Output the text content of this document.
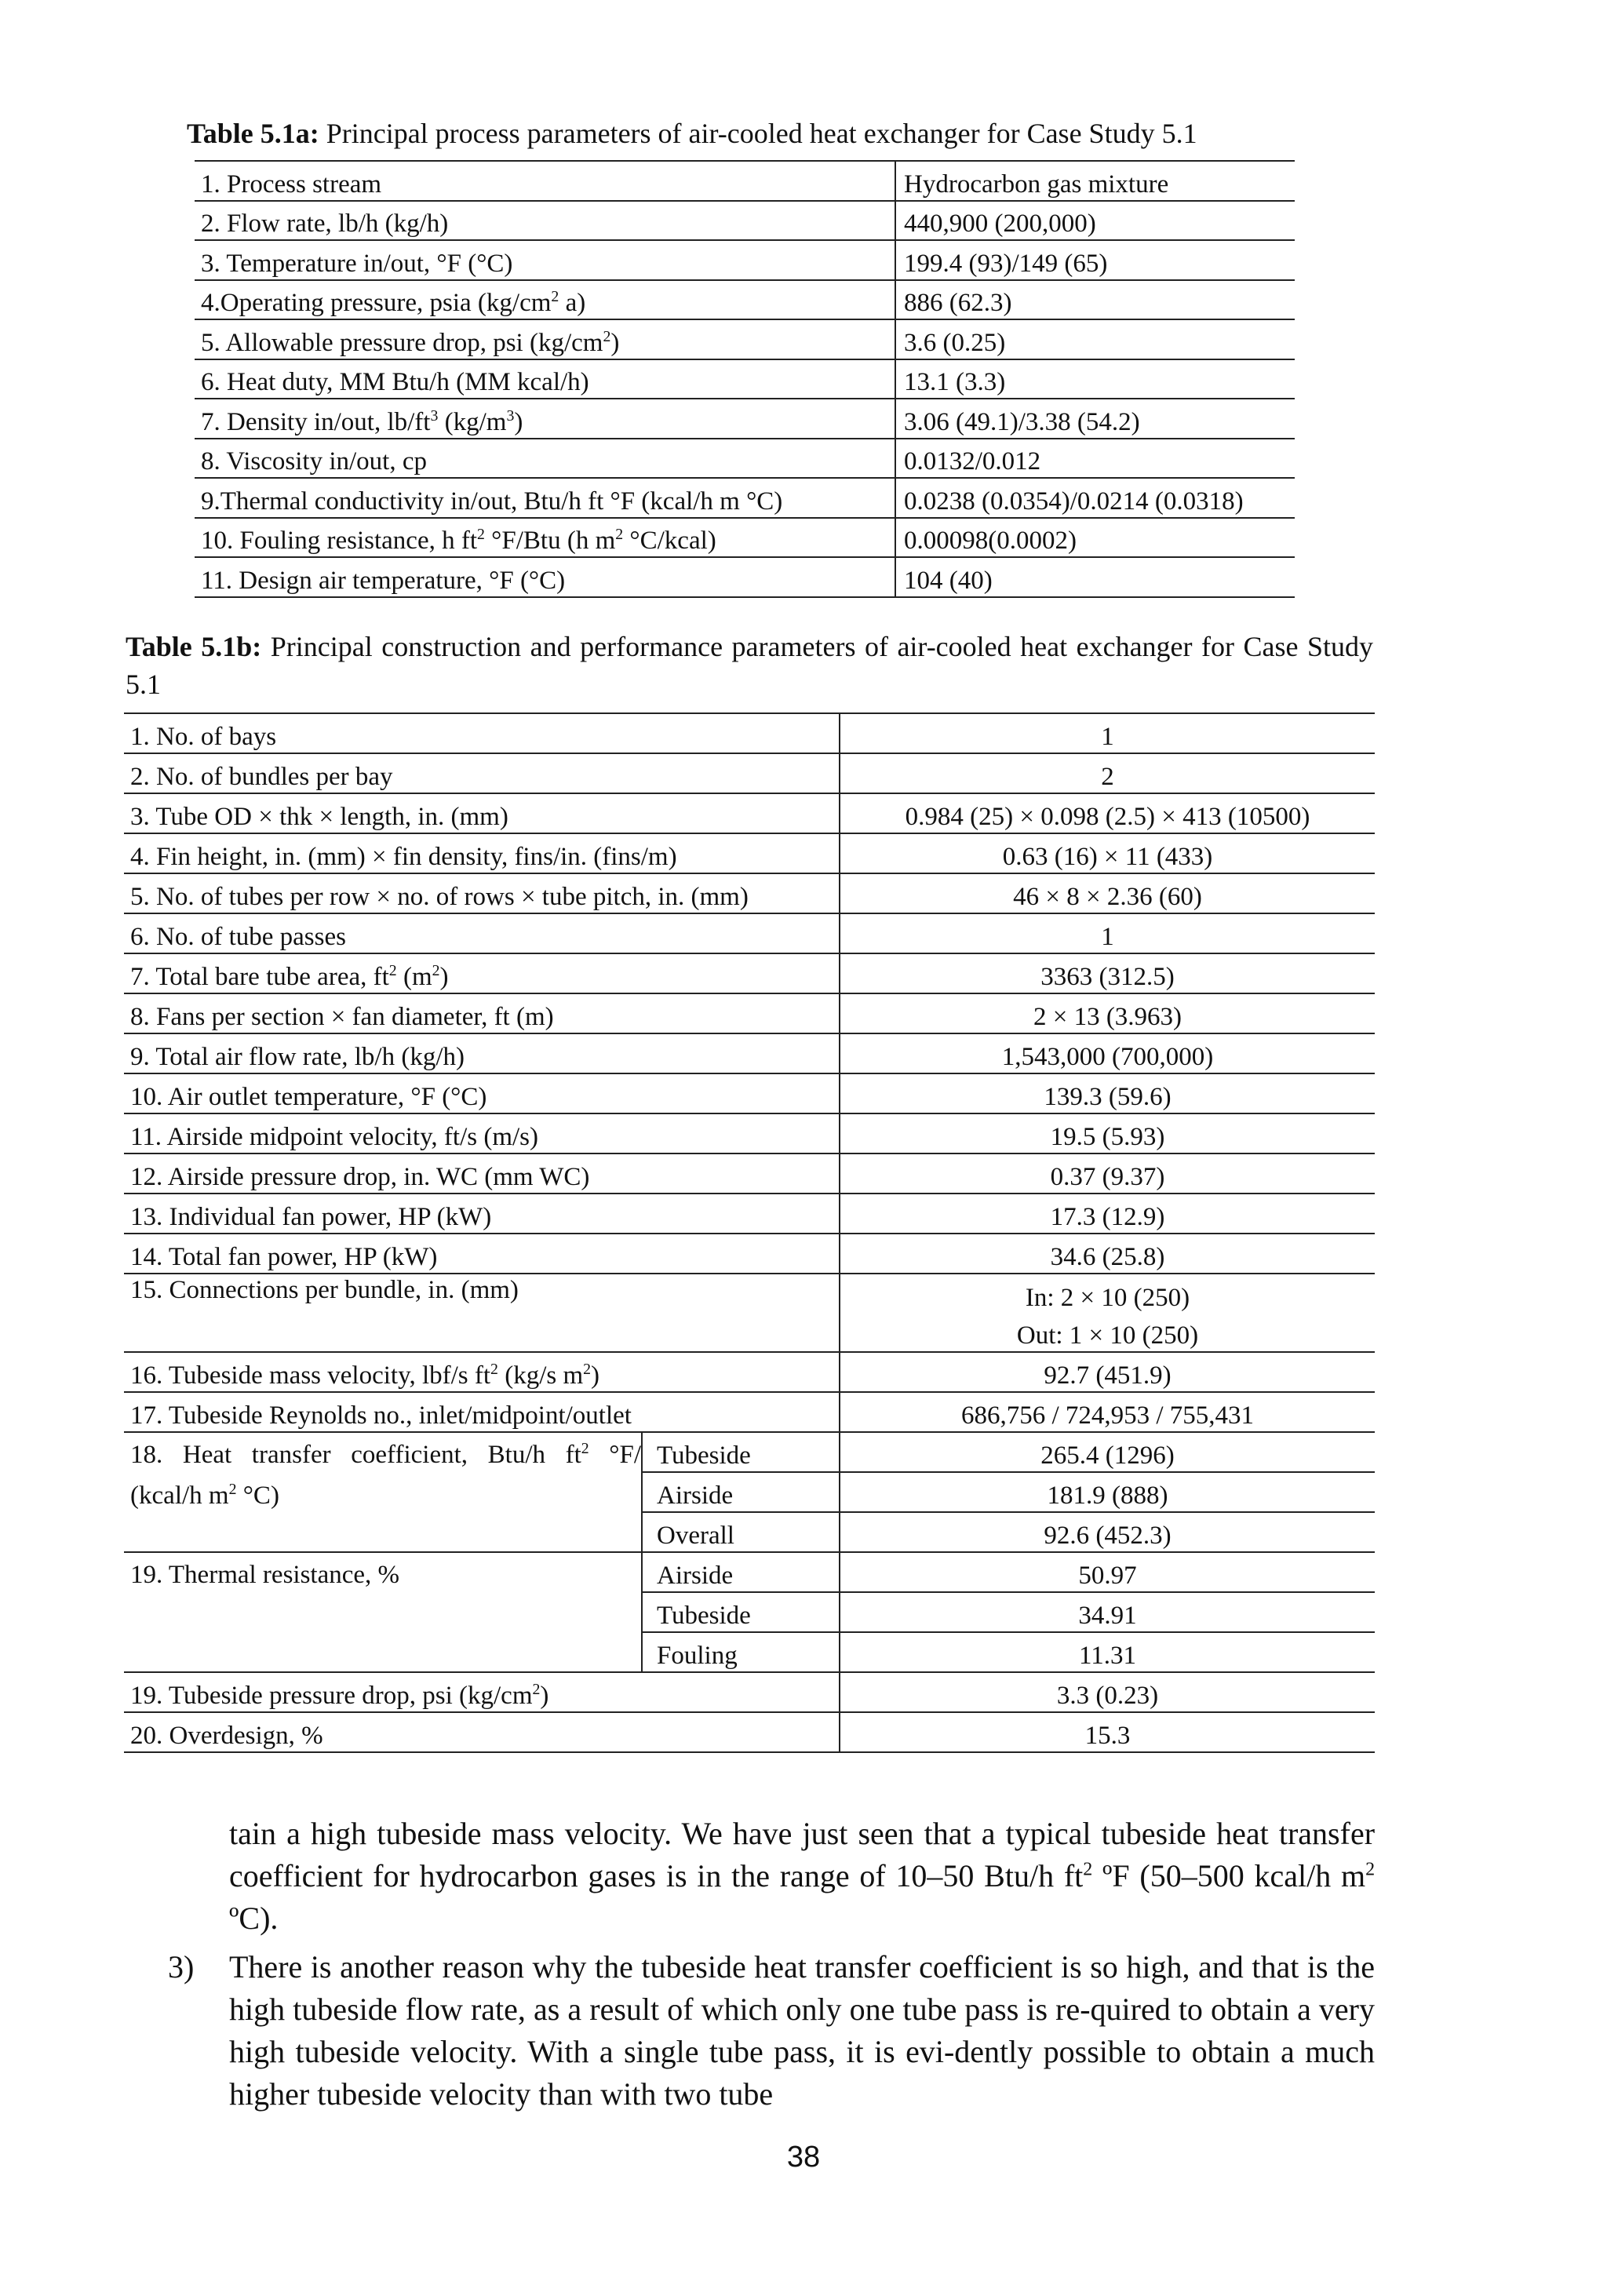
Table 5.1a: Principal process parameters of air-cooled heat exchanger for Case Study 5.1
1. Process stream	Hydrocarbon gas mixture
2. Flow rate, lb/h (kg/h)	440,900 (200,000)
3. Temperature in/out, °F (°C)	199.4 (93)/149 (65)
4.Operating pressure, psia ($kg/cm^2$ a)	886 (62.3)
5. Allowable pressure drop, psi $(kg/cm^2)$	3.6 (0.25)
6. Heat duty, MM Btu/h (MM kcal/h)	13.1 (3.3)
7. Density in/out, $lb/ft^3$ $(kg/m^3)$	3.06 (49.1)/3.38 (54.2)
8. Viscosity in/out, cp	0.0132/0.012
9.Thermal conductivity in/out, Btu/h ft °F (kcal/h m °C)	0.0238 (0.0354)/0.0214 (0.0318)
10. Fouling resistance, h $ft^2$ °F/Btu (h $m^2$ °C/kcal)	0.00098(0.0002)
11. Design air temperature, °F (°C)	104 (40)
Table 5.1b: Principal construction and performance parameters of air-cooled heat exchanger for Case Study 5.1
1. No. of bays		1
2. No. of bundles per bay		2
3. Tube OD × thk × length, in. (mm)		0.984 (25) × 0.098 (2.5) × 413 (10500)
4. Fin height, in. (mm) × fin density, fins/in. (fins/m)		0.63 (16) × 11 (433)
5. No. of tubes per row × no. of rows × tube pitch, in. (mm)		46 × 8 × 2.36 (60)
6. No. of tube passes		1
7. Total bare tube area, $ft^2$ $(m^2)$		3363 (312.5)
8. Fans per section × fan diameter, ft (m)		2 × 13 (3.963)
9. Total air flow rate, lb/h (kg/h)		1,543,000 (700,000)
10. Air outlet temperature, °F (°C)		139.3 (59.6)
11. Airside midpoint velocity, ft/s (m/s)		19.5 (5.93)
12. Airside pressure drop, in. WC (mm WC)		0.37 (9.37)
13. Individual fan power, HP (kW)		17.3 (12.9)
14. Total fan power, HP (kW)		34.6 (25.8)
15. Connections per bundle, in. (mm)		In: 2 × 10 (250)
		Out: 1 × 10 (250)
16. Tubeside mass velocity, lbf/s $ft^2$ (kg/s $m^2$)		92.7 (451.9)
17. Tubeside Reynolds no., inlet/midpoint/outlet		686,756 / 724,953 / 755,431

18. Heat transfer coefficient, Btu/h $ft^2$ °F/
(kcal/h $m^2$ °C)	Tubeside	265.4 (1296)
	Airside	181.9 (888)
	Overall	92.6 (452.3)
19. Thermal resistance, %	Airside	50.97
	Tubeside	34.91
	Fouling	11.31
19. Tubeside pressure drop, psi $(kg/cm^2)$		3.3 (0.23)
20. Overdesign, %		15.3
tain a high tubeside mass velocity. We have just seen that a typical tubeside heat transfer coefficient for hydrocarbon gases is in the range of 10–50 Btu/h $ft^2$ ºF (50–500 kcal/h $m^2$ ºC).
3) There is another reason why the tubeside heat transfer coefficient is so high, and that is the high tubeside flow rate, as a result of which only one tube pass is re-quired to obtain a very high tubeside velocity. With a single tube pass, it is evi-dently possible to obtain a much higher tubeside velocity than with two tube
38
